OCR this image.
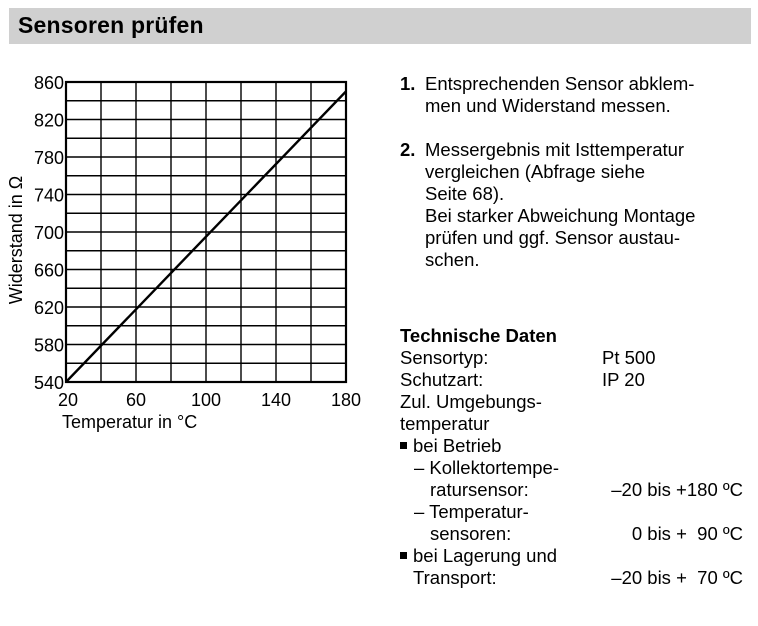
Sensoren prüfen
540
580
620
660
700
740
780
820
860
20	60 100 140 180
Temperatur in °C
Widerstand in Ω
1. Entsprechenden Sensor abklem-
men und Widerstand messen.
2. Messergebnis mit Isttemperatur
vergleichen (Abfrage siehe
Seite 68).
Bei starker Abweichung Montage
prüfen und ggf. Sensor austau-
schen.
Technische Daten
Sensortyp:	Pt 500
Schutzart:	IP 20
Zul. Umgebungs-
temperatur
bei Betrieb
– Kollektortempe-
ratursensor:	–20 bis +180 ºC
– Temperatur-
sensoren:	0 bis +  90 ºC
bei Lagerung und
Transport:	–20 bis +  70 ºC
